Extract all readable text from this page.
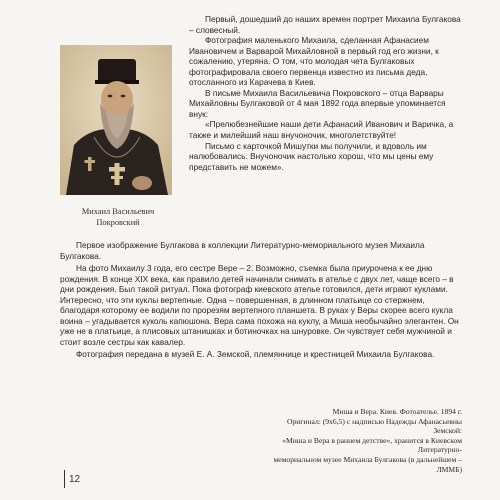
Михаил Васильевич
Покровский

Первый, дошедший до наших времен портрет Михаила Булгакова – словесный.

Фотография маленького Михаила, сделанная Афанасием Ивановичем и Варварой Михайловной в первый год его жизни, к сожалению, утеряна. О том, что молодая чета Булгаковых фотографировала своего первенца известно из письма деда, отосланного из Карачева в Киев.

В письме Михаила Васильевича Покровского – отца Варвары Михайловны Булгаковой от 4 мая 1892 года впервые упоминается внук:

«Прелюбезнейшие наши дети Афанасий Иванович и Варичка, а также и милейший наш внучоночик, многолетствуйте!

Письмо с карточкой Мишутки мы получили, и вдоволь им налюбовались. Внучоночик настолько хорош, что мы цены ему представить не можем».

Первое изображение Булгакова в коллекции Литературно-мемориального музея Михаила Булгакова.

На фото Михаилу 3 года, его сестре Вере – 2. Возможно, съемка была приурочена к ее дню рождения. В конце XIX века, как правило детей начинали снимать в ателье с двух лет, чаще всего – в дни рождения. Был такой ритуал. Пока фотограф киевского ателье готовился, дети играют куклами. Интересно, что эти куклы вертепные. Одна – повершенная, в длинном платьице со стержнем, благодаря которому ее водили по прорезям вертепного планшета. В руках у Веры скорее всего кукла воина – угадывается куколь капюшона. Вера сама похожа на куклу, а Миша необычайно элегантен. Он уже не в платьице, а плисовых штанишках и ботиночках на шнуровке. Он чувствует себя мужчиной и стоит возле сестры как кавалер.

Фотография передана в музей Е. А. Земской, племяннице и крестницей Михаила Булгакова.

Миша и Вера. Киев. Фотоателье. 1894 г.
Оригинал: (9х6,5) с надписью Надежды Афанасьевны Земской:
«Миша и Вера в раннем детстве», хранится в Киевском Литературно-
мемориальном музее Михаила Булгакова (в дальнейшем – ЛММБ)
12
